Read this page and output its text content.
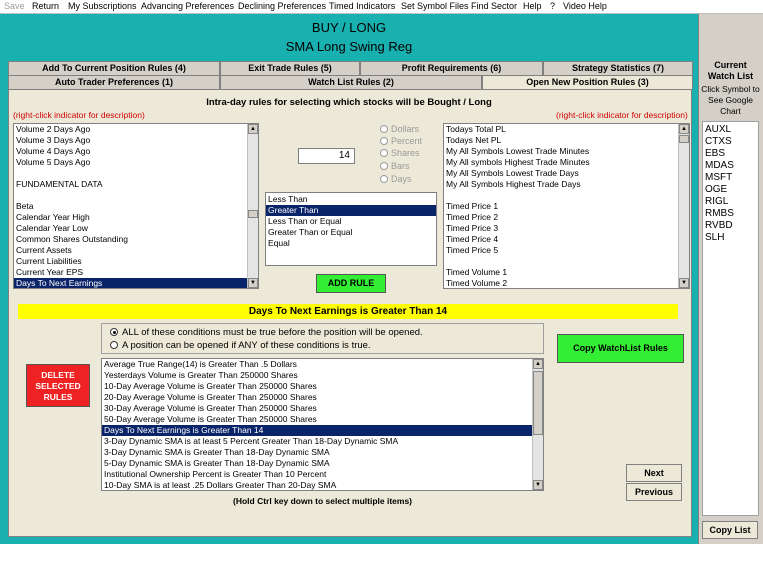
Save Return My Subscriptions Advancing Preferences Declining Preferences Timed Indicators Set Symbol Files Find Sector Help ? Video Help
BUY / LONG
SMA Long Swing Reg
Add To Current Position Rules (4)	Exit Trade Rules (5)	Profit Requirements (6)	Strategy Statistics (7)
Auto Trader Preferences (1)	Watch List Rules (2)	Open New Position Rules (3)
Intra-day rules for selecting which stocks will be Bought / Long
(right-click indicator for description)	(right-click indicator for description)
Volume 2 Days Ago
Volume 3 Days Ago
Volume 4 Days Ago
Volume 5 Days Ago
FUNDAMENTAL DATA
Beta
Calendar Year High
Calendar Year Low
Common Shares Outstanding
Current Assets
Current Liabilities
Current Year EPS
Days To Next Earnings
▲
▼
14
Dollars
Percent
Shares
Bars
Days
Less Than
Greater Than
Less Than or Equal
Greater Than or Equal
Equal
Todays Total PL
Todays Net PL
My All Symbols Lowest Trade Minutes
My All symbols Highest Trade Minutes
My All Symbols Lowest Trade Days
My All Symbols Highest Trade Days
Timed Price 1
Timed Price 2
Timed Price 3
Timed Price 4
Timed Price 5
Timed Volume 1
Timed Volume 2
▲
▼
ADD RULE
Days To Next Earnings is Greater Than 14
ALL of these conditions must be true before the position will be opened.
A position can be opened if ANY of these conditions is true.	Copy WatchList Rules
DELETE SELECTED RULES
Average True Range(14) is Greater Than .5 Dollars
Yesterdays Volume is Greater Than 250000 Shares
10-Day Average Volume is Greater Than 250000 Shares
20-Day Average Volume is Greater Than 250000 Shares
30-Day Average Volume is Greater Than 250000 Shares
50-Day Average Volume is Greater Than 250000 Shares
Days To Next Earnings is Greater Than 14
3-Day Dynamic SMA is at least 5 Percent Greater Than 18-Day Dynamic SMA
3-Day Dynamic SMA is Greater Than 18-Day Dynamic SMA
5-Day Dynamic SMA is Greater Than 18-Day Dynamic SMA
Institutional Ownership Percent is Greater Than 10 Percent
10-Day SMA is at least .25 Dollars Greater Than 20-Day SMA
▲
▼
Next
Previous
(Hold Ctrl key down to select multiple items)
Current Watch List
Click Symbol to See Google Chart
AUXL
CTXS
EBS
MDAS
MSFT
OGE
RIGL
RMBS
RVBD
SLH
Copy List
